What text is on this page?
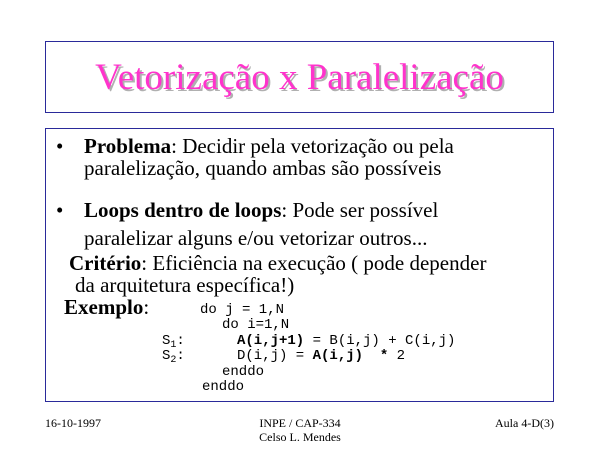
Vetorização x Paralelização
• Problema: Decidir pela vetorização ou pela
paralelização, quando ambas são possíveis
• Loops dentro de loops: Pode ser possível
paralelizar alguns e/ou vetorizar outros...
Critério: Eficiência na execução ( pode depender
da arquitetura específica!)
Exemplo:	do j = 1,N
do i=1,N
$S_1$:	A(i,j+1) = B(i,j) + C(i,j)
$S_2$:	D(i,j) = A(i,j)  * 2
enddo
enddo
16-10-1997	INPE / CAP-334
Celso L. Mendes
Aula 4-D(3)
